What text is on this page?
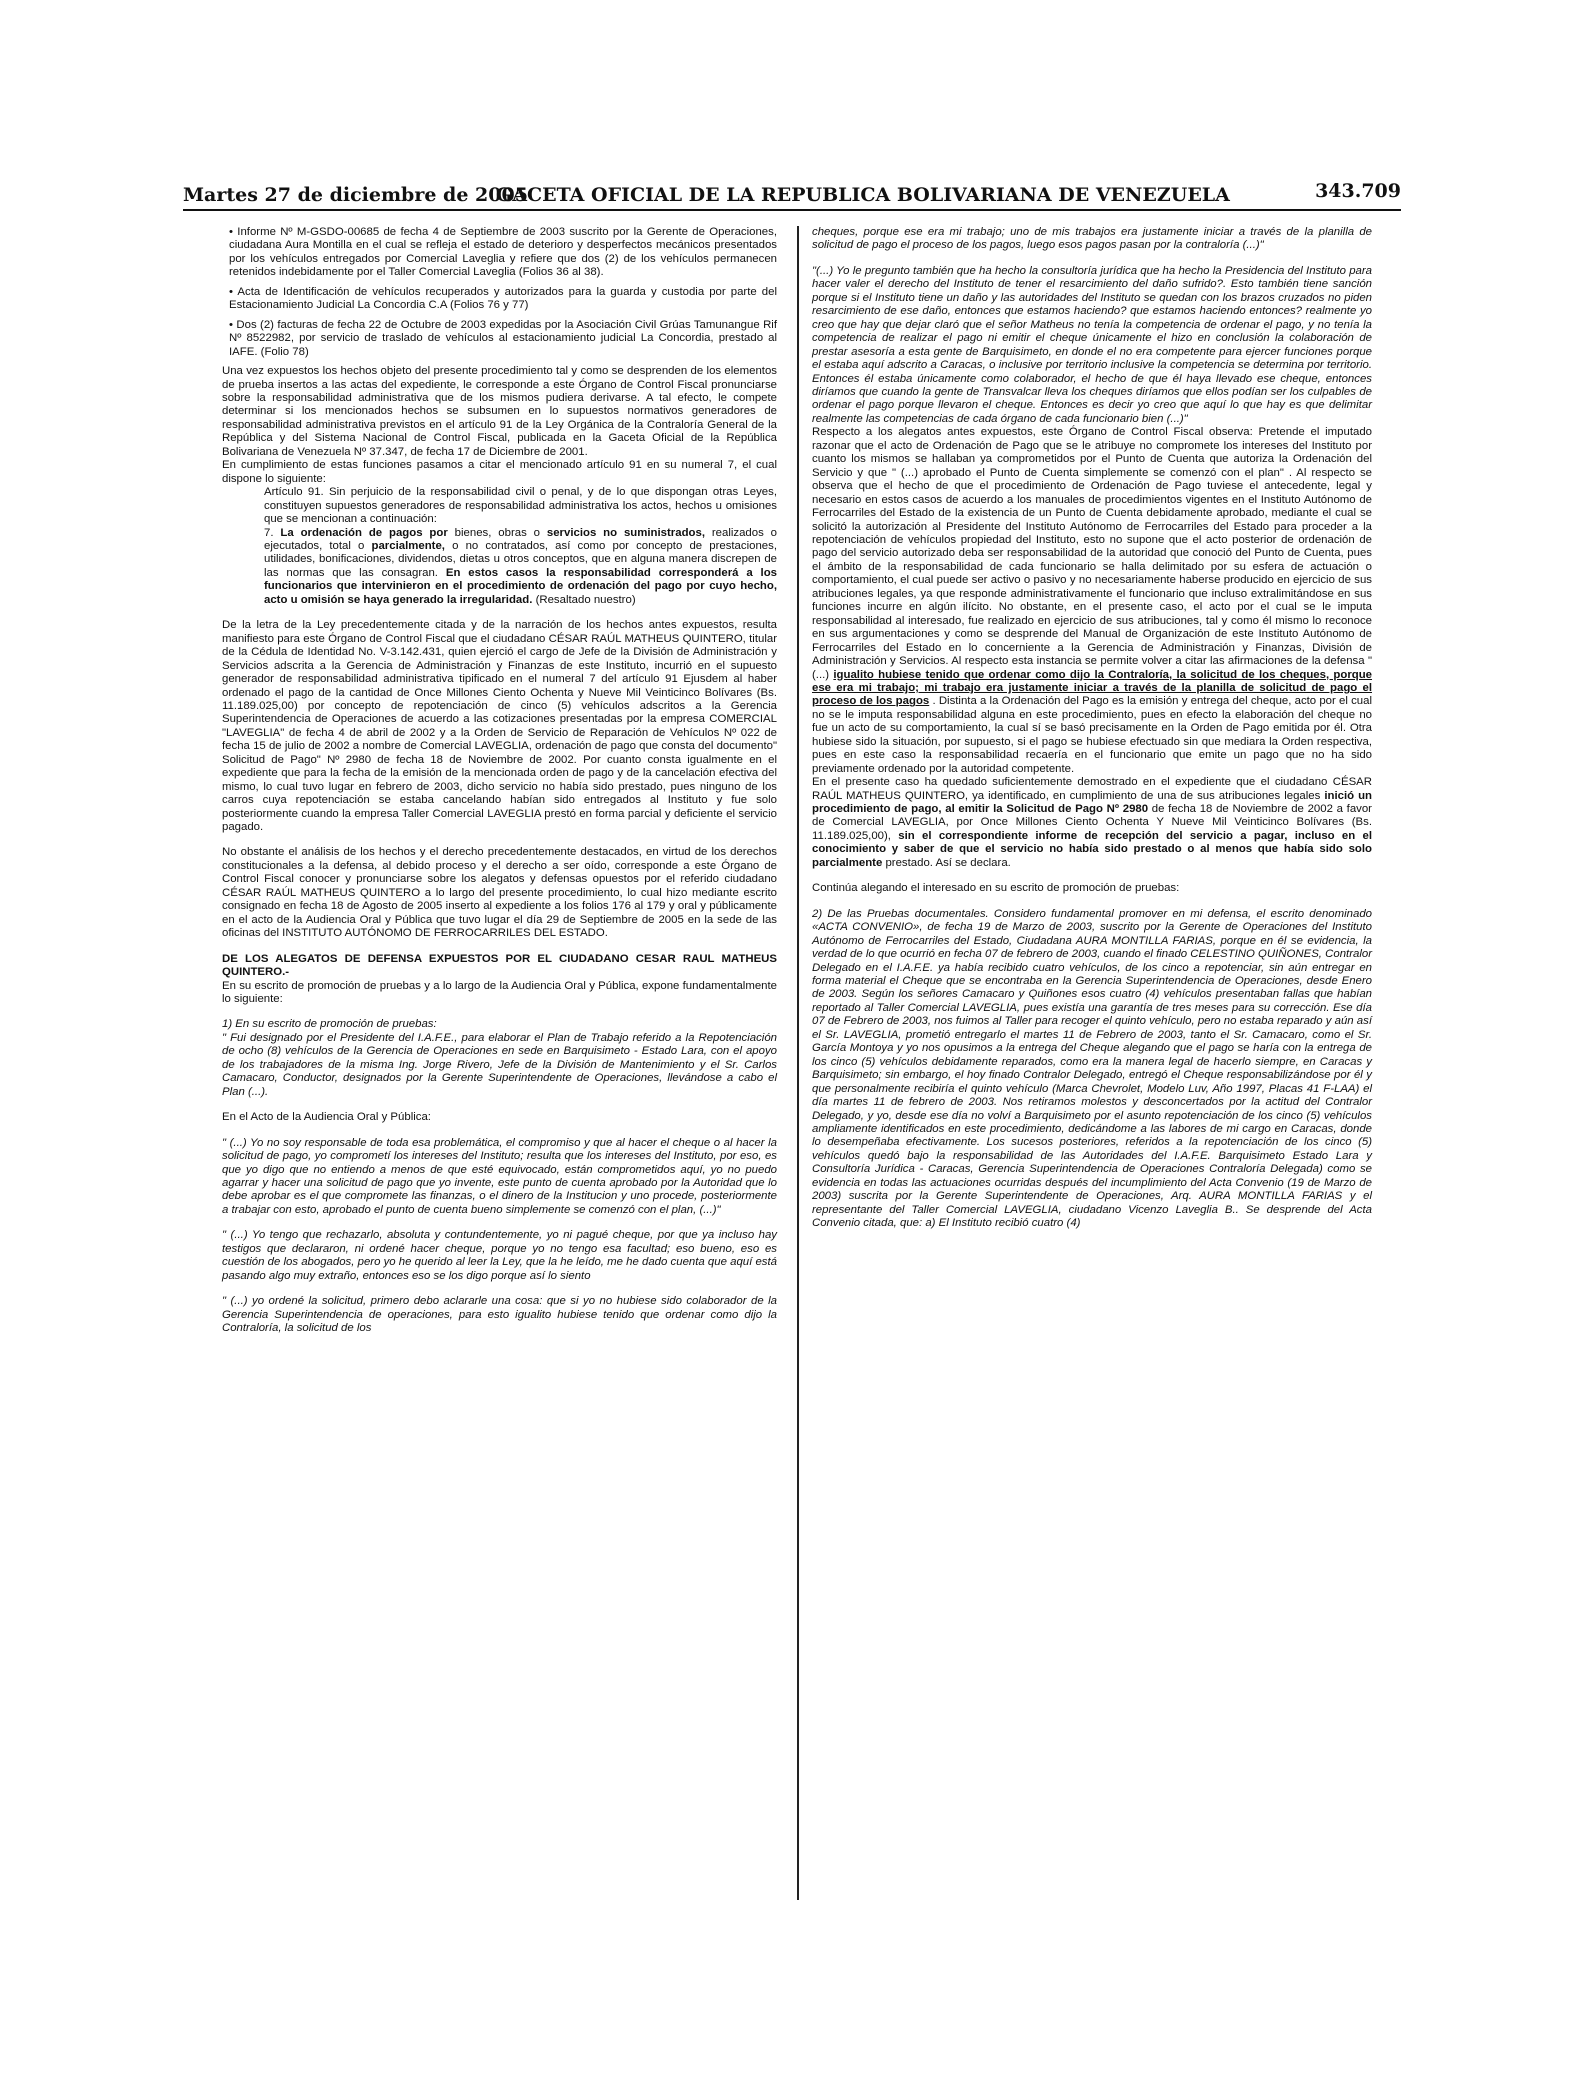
Martes 27 de diciembre de 2005
GACETA OFICIAL DE LA REPUBLICA BOLIVARIANA DE VENEZUELA	343.709

• Informe Nº M-GSDO-00685 de fecha 4 de Septiembre de 2003 suscrito por la Gerente de Operaciones, ciudadana Aura Montilla en el cual se refleja el estado de deterioro y desperfectos mecánicos presentados por los vehículos entregados por Comercial Laveglia y refiere que dos (2) de los vehículos permanecen retenidos indebidamente por el Taller Comercial Laveglia (Folios 36 al 38).

• Acta de Identificación de vehículos recuperados y autorizados para la guarda y custodia por parte del Estacionamiento Judicial La Concordia C.A (Folios 76 y 77)

• Dos (2) facturas de fecha 22 de Octubre de 2003 expedidas por la Asociación Civil Grúas Tamunangue Rif Nº 8522982, por servicio de traslado de vehículos al estacionamiento judicial La Concordia, prestado al IAFE. (Folio 78)

Una vez expuestos los hechos objeto del presente procedimiento tal y como se desprenden de los elementos de prueba insertos a las actas del expediente, le corresponde a este Órgano de Control Fiscal pronunciarse sobre la responsabilidad administrativa que de los mismos pudiera derivarse. A tal efecto, le compete determinar si los mencionados hechos se subsumen en lo supuestos normativos generadores de responsabilidad administrativa previstos en el artículo 91 de la Ley Orgánica de la Contraloría General de la República y del Sistema Nacional de Control Fiscal, publicada en la Gaceta Oficial de la República Bolivariana de Venezuela Nº 37.347, de fecha 17 de Diciembre de 2001.

En cumplimiento de estas funciones pasamos a citar el mencionado artículo 91 en su numeral 7, el cual dispone lo siguiente:

Artículo 91. Sin perjuicio de la responsabilidad civil o penal, y de lo que dispongan otras Leyes, constituyen supuestos generadores de responsabilidad administrativa los actos, hechos u omisiones que se mencionan a continuación:

7. La ordenación de pagos por bienes, obras o servicios no suministrados, realizados o ejecutados, total o parcialmente, o no contratados, así como por concepto de prestaciones, utilidades, bonificaciones, dividendos, dietas u otros conceptos, que en alguna manera discrepen de las normas que las consagran. En estos casos la responsabilidad corresponderá a los funcionarios que intervinieron en el procedimiento de ordenación del pago por cuyo hecho, acto u omisión se haya generado la irregularidad. (Resaltado nuestro)

De la letra de la Ley precedentemente citada y de la narración de los hechos antes expuestos, resulta manifiesto para este Órgano de Control Fiscal que el ciudadano CÉSAR RAÚL MATHEUS QUINTERO, titular de la Cédula de Identidad No. V-3.142.431, quien ejerció el cargo de Jefe de la División de Administración y Servicios adscrita a la Gerencia de Administración y Finanzas de este Instituto, incurrió en el supuesto generador de responsabilidad administrativa tipificado en el numeral 7 del artículo 91 Ejusdem al haber ordenado el pago de la cantidad de Once Millones Ciento Ochenta y Nueve Mil Veinticinco Bolívares (Bs. 11.189.025,00) por concepto de repotenciación de cinco (5) vehículos adscritos a la Gerencia Superintendencia de Operaciones de acuerdo a las cotizaciones presentadas por la empresa COMERCIAL "LAVEGLIA" de fecha 4 de abril de 2002 y a la Orden de Servicio de Reparación de Vehículos Nº 022 de fecha 15 de julio de 2002 a nombre de Comercial LAVEGLIA, ordenación de pago que consta del documento" Solicitud de Pago" Nº 2980 de fecha 18 de Noviembre de 2002. Por cuanto consta igualmente en el expediente que para la fecha de la emisión de la mencionada orden de pago y de la cancelación efectiva del mismo, lo cual tuvo lugar en febrero de 2003, dicho servicio no había sido prestado, pues ninguno de los carros cuya repotenciación se estaba cancelando habían sido entregados al Instituto y fue solo posteriormente cuando la empresa Taller Comercial LAVEGLIA prestó en forma parcial y deficiente el servicio pagado.

No obstante el análisis de los hechos y el derecho precedentemente destacados, en virtud de los derechos constitucionales a la defensa, al debido proceso y el derecho a ser oído, corresponde a este Órgano de Control Fiscal conocer y pronunciarse sobre los alegatos y defensas opuestos por el referido ciudadano CÉSAR RAÚL MATHEUS QUINTERO a lo largo del presente procedimiento, lo cual hizo mediante escrito consignado en fecha 18 de Agosto de 2005 inserto al expediente a los folios 176 al 179 y oral y públicamente en el acto de la Audiencia Oral y Pública que tuvo lugar el día 29 de Septiembre de 2005 en la sede de las oficinas del INSTITUTO AUTÓNOMO DE FERROCARRILES DEL ESTADO.

DE LOS ALEGATOS DE DEFENSA EXPUESTOS POR EL CIUDADANO CESAR RAUL MATHEUS QUINTERO.-

En su escrito de promoción de pruebas y a lo largo de la Audiencia Oral y Pública, expone fundamentalmente lo siguiente:

1) En su escrito de promoción de pruebas:

" Fui designado por el Presidente del I.A.F.E., para elaborar el Plan de Trabajo referido a la Repotenciación de ocho (8) vehículos de la Gerencia de Operaciones en sede en Barquisimeto - Estado Lara, con el apoyo de los trabajadores de la misma Ing. Jorge Rivero, Jefe de la División de Mantenimiento y el Sr. Carlos Camacaro, Conductor, designados por la Gerente Superintendente de Operaciones, llevándose a cabo el Plan (...).

En el Acto de la Audiencia Oral y Pública:

" (...) Yo no soy responsable de toda esa problemática, el compromiso y que al hacer el cheque o al hacer la solicitud de pago, yo comprometí los intereses del Instituto; resulta que los intereses del Instituto, por eso, es que yo digo que no entiendo a menos de que esté equivocado, están comprometidos aquí, yo no puedo agarrar y hacer una solicitud de pago que yo invente, este punto de cuenta aprobado por la Autoridad que lo debe aprobar es el que compromete las finanzas, o el dinero de la Institucion y uno procede, posteriormente a trabajar con esto, aprobado el punto de cuenta bueno simplemente se comenzó con el plan, (...)"

" (...) Yo tengo que rechazarlo, absoluta y contundentemente, yo ni pagué cheque, por que ya incluso hay testigos que declararon, ni ordené hacer cheque, porque yo no tengo esa facultad; eso bueno, eso es cuestión de los abogados, pero yo he querido al leer la Ley, que la he leído, me he dado cuenta que aquí está pasando algo muy extraño, entonces eso se los digo porque así lo siento

" (...) yo ordené la solicitud, primero debo aclararle una cosa: que si yo no hubiese sido colaborador de la Gerencia Superintendencia de operaciones, para esto igualito hubiese tenido que ordenar como dijo la Contraloría, la solicitud de los

cheques, porque ese era mi trabajo; uno de mis trabajos era justamente iniciar a través de la planilla de solicitud de pago el proceso de los pagos, luego esos pagos pasan por la contraloría (...)"

"(...) Yo le pregunto también que ha hecho la consultoría jurídica que ha hecho la Presidencia del Instituto para hacer valer el derecho del Instituto de tener el resarcimiento del daño sufrido?. Esto también tiene sanción porque si el Instituto tiene un daño y las autoridades del Instituto se quedan con los brazos cruzados no piden resarcimiento de ese daño, entonces que estamos haciendo? que estamos haciendo entonces? realmente yo creo que hay que dejar claró que el señor Matheus no tenía la competencia de ordenar el pago, y no tenía la competencia de realizar el pago ni emitir el cheque únicamente el hizo en conclusión la colaboración de prestar asesoría a esta gente de Barquisimeto, en donde el no era competente para ejercer funciones porque el estaba aquí adscrito a Caracas, o inclusive por territorio inclusive la competencia se determina por territorio. Entonces él estaba únicamente como colaborador, el hecho de que él haya llevado ese cheque, entonces diríamos que cuando la gente de Transvalcar lleva los cheques diríamos que ellos podían ser los culpables de ordenar el pago porque llevaron el cheque. Entonces es decir yo creo que aquí lo que hay es que delimitar realmente las competencias de cada órgano de cada funcionario bien (...)"

Respecto a los alegatos antes expuestos, este Órgano de Control Fiscal observa: Pretende el imputado razonar que el acto de Ordenación de Pago que se le atribuye no compromete los intereses del Instituto por cuanto los mismos se hallaban ya comprometidos por el Punto de Cuenta que autoriza la Ordenación del Servicio y que " (...) aprobado el Punto de Cuenta simplemente se comenzó con el plan" . Al respecto se observa que el hecho de que el procedimiento de Ordenación de Pago tuviese el antecedente, legal y necesario en estos casos de acuerdo a los manuales de procedimientos vigentes en el Instituto Autónomo de Ferrocarriles del Estado de la existencia de un Punto de Cuenta debidamente aprobado, mediante el cual se solicitó la autorización al Presidente del Instituto Autónomo de Ferrocarriles del Estado para proceder a la repotenciación de vehículos propiedad del Instituto, esto no supone que el acto posterior de ordenación de pago del servicio autorizado deba ser responsabilidad de la autoridad que conoció del Punto de Cuenta, pues el ámbito de la responsabilidad de cada funcionario se halla delimitado por su esfera de actuación o comportamiento, el cual puede ser activo o pasivo y no necesariamente haberse producido en ejercicio de sus atribuciones legales, ya que responde administrativamente el funcionario que incluso extralimitándose en sus funciones incurre en algún ilícito. No obstante, en el presente caso, el acto por el cual se le imputa responsabilidad al interesado, fue realizado en ejercicio de sus atribuciones, tal y como él mismo lo reconoce en sus argumentaciones y como se desprende del Manual de Organización de este Instituto Autónomo de Ferrocarriles del Estado en lo concerniente a la Gerencia de Administración y Finanzas, División de Administración y Servicios. Al respecto esta instancia se permite volver a citar las afirmaciones de la defensa " (...) igualito hubiese tenido que ordenar como dijo la Contraloría, la solicitud de los cheques, porque ese era mi trabajo; mi trabajo era justamente iniciar a través de la planilla de solicitud de pago el proceso de los pagos . Distinta a la Ordenación del Pago es la emisión y entrega del cheque, acto por el cual no se le imputa responsabilidad alguna en este procedimiento, pues en efecto la elaboración del cheque no fue un acto de su comportamiento, la cual sí se basó precisamente en la Orden de Pago emitida por él. Otra hubiese sido la situación, por supuesto, si el pago se hubiese efectuado sin que mediara la Orden respectiva, pues en este caso la responsabilidad recaería en el funcionario que emite un pago que no ha sido previamente ordenado por la autoridad competente.

En el presente caso ha quedado suficientemente demostrado en el expediente que el ciudadano CÉSAR RAÚL MATHEUS QUINTERO, ya identificado, en cumplimiento de una de sus atribuciones legales inició un procedimiento de pago, al emitir la Solicitud de Pago Nº 2980 de fecha 18 de Noviembre de 2002 a favor de Comercial LAVEGLIA, por Once Millones Ciento Ochenta Y Nueve Mil Veinticinco Bolívares (Bs. 11.189.025,00), sin el correspondiente informe de recepción del servicio a pagar, incluso en el conocimiento y saber de que el servicio no había sido prestado o al menos que había sido solo parcialmente prestado. Así se declara.

Continúa alegando el interesado en su escrito de promoción de pruebas:

2) De las Pruebas documentales. Considero fundamental promover en mi defensa, el escrito denominado «ACTA CONVENIO», de fecha 19 de Marzo de 2003, suscrito por la Gerente de Operaciones del Instituto Autónomo de Ferrocarriles del Estado, Ciudadana AURA MONTILLA FARIAS, porque en él se evidencia, la verdad de lo que ocurrió en fecha 07 de febrero de 2003, cuando el finado CELESTINO QUIÑONES, Contralor Delegado en el I.A.F.E. ya había recibido cuatro vehículos, de los cinco a repotenciar, sin aún entregar en forma material el Cheque que se encontraba en la Gerencia Superintendencia de Operaciones, desde Enero de 2003. Según los señores Camacaro y Quiñones esos cuatro (4) vehículos presentaban fallas que habían reportado al Taller Comercial LAVEGLIA, pues existía una garantía de tres meses para su corrección. Ese día 07 de Febrero de 2003, nos fuimos al Taller para recoger el quinto vehículo, pero no estaba reparado y aún así el Sr. LAVEGLIA, prometió entregarlo el martes 11 de Febrero de 2003, tanto el Sr. Camacaro, como el Sr. García Montoya y yo nos opusimos a la entrega del Cheque alegando que el pago se haría con la entrega de los cinco (5) vehículos debidamente reparados, como era la manera legal de hacerlo siempre, en Caracas y Barquisimeto; sin embargo, el hoy finado Contralor Delegado, entregó el Cheque responsabilizándose por él y que personalmente recibiría el quinto vehículo (Marca Chevrolet, Modelo Luv, Año 1997, Placas 41 F-LAA) el día martes 11 de febrero de 2003. Nos retiramos molestos y desconcertados por la actitud del Contralor Delegado, y yo, desde ese día no volví a Barquisimeto por el asunto repotenciación de los cinco (5) vehículos ampliamente identificados en este procedimiento, dedicándome a las labores de mi cargo en Caracas, donde lo desempeñaba efectivamente. Los sucesos posteriores, referidos a la repotenciación de los cinco (5) vehículos quedó bajo la responsabilidad de las Autoridades del I.A.F.E. Barquisimeto Estado Lara y Consultoría Jurídica - Caracas, Gerencia Superintendencia de Operaciones Contraloría Delegada) como se evidencia en todas las actuaciones ocurridas después del incumplimiento del Acta Convenio (19 de Marzo de 2003) suscrita por la Gerente Superintendente de Operaciones, Arq. AURA MONTILLA FARIAS y el representante del Taller Comercial LAVEGLIA, ciudadano Vicenzo Laveglia B.. Se desprende del Acta Convenio citada, que: a) El Instituto recibió cuatro (4)
